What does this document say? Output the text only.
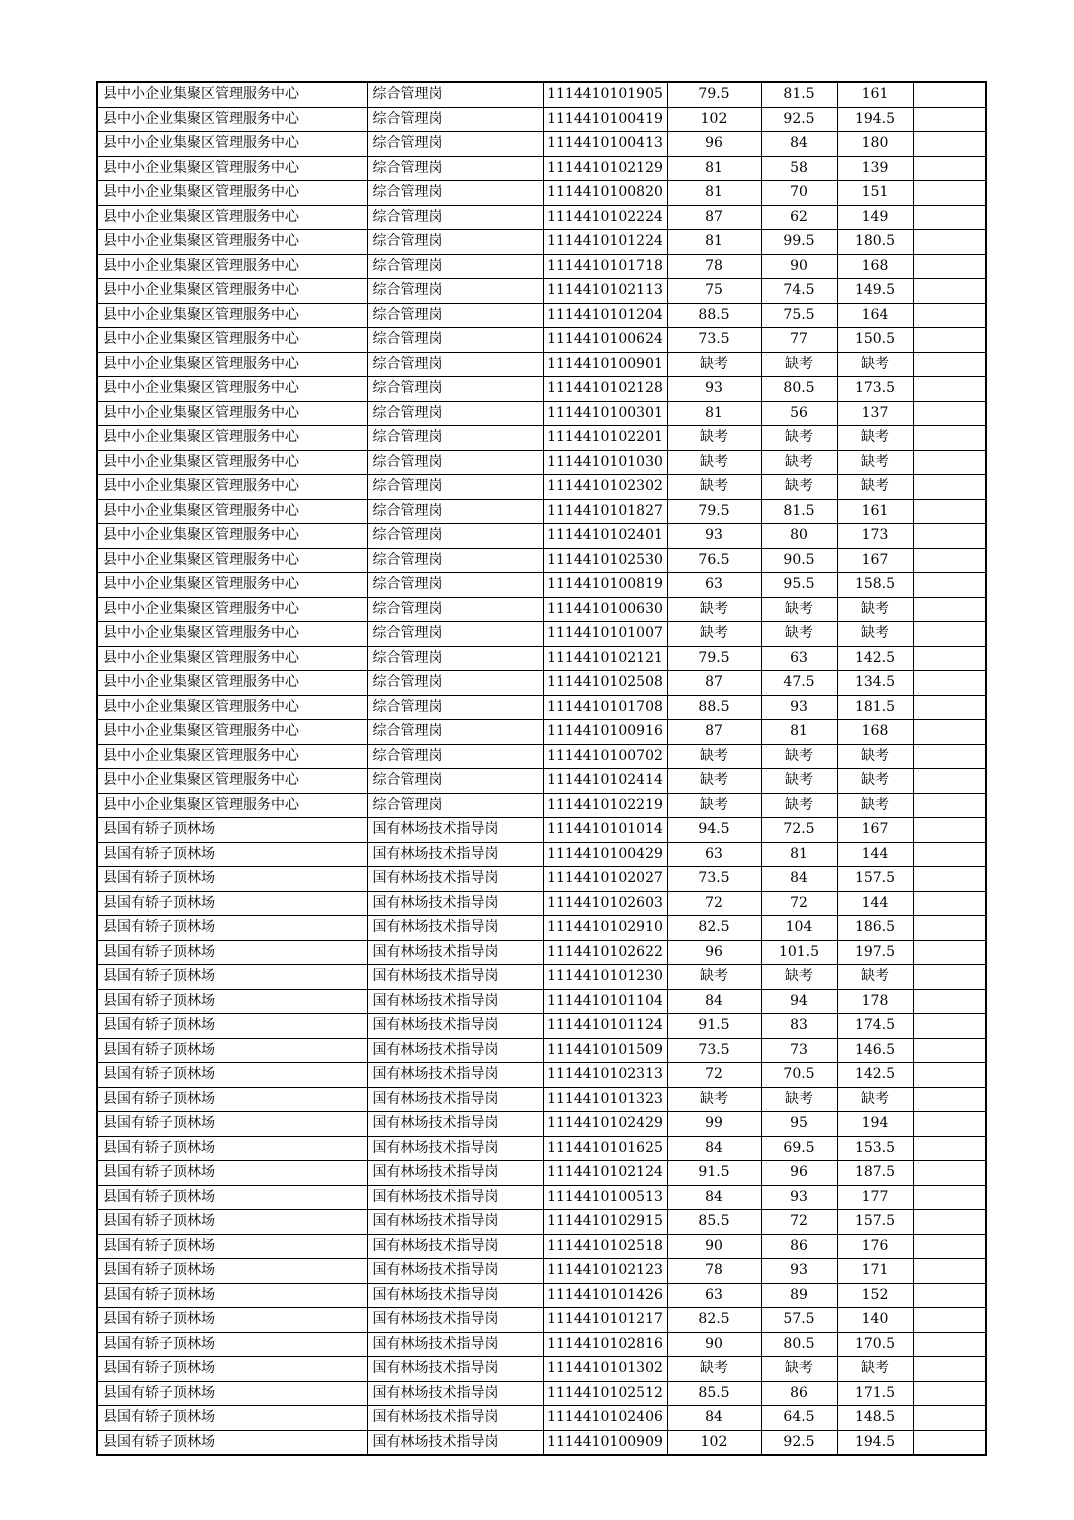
县中小企业集聚区管理服务中心	综合管理岗	1114410101905	79.5	81.5	161	
县中小企业集聚区管理服务中心	综合管理岗	1114410100419	102	92.5	194.5	
县中小企业集聚区管理服务中心	综合管理岗	1114410100413	96	84	180	
县中小企业集聚区管理服务中心	综合管理岗	1114410102129	81	58	139	
县中小企业集聚区管理服务中心	综合管理岗	1114410100820	81	70	151	
县中小企业集聚区管理服务中心	综合管理岗	1114410102224	87	62	149	
县中小企业集聚区管理服务中心	综合管理岗	1114410101224	81	99.5	180.5	
县中小企业集聚区管理服务中心	综合管理岗	1114410101718	78	90	168	
县中小企业集聚区管理服务中心	综合管理岗	1114410102113	75	74.5	149.5	
县中小企业集聚区管理服务中心	综合管理岗	1114410101204	88.5	75.5	164	
县中小企业集聚区管理服务中心	综合管理岗	1114410100624	73.5	77	150.5	
县中小企业集聚区管理服务中心	综合管理岗	1114410100901	缺考	缺考	缺考	
县中小企业集聚区管理服务中心	综合管理岗	1114410102128	93	80.5	173.5	
县中小企业集聚区管理服务中心	综合管理岗	1114410100301	81	56	137	
县中小企业集聚区管理服务中心	综合管理岗	1114410102201	缺考	缺考	缺考	
县中小企业集聚区管理服务中心	综合管理岗	1114410101030	缺考	缺考	缺考	
县中小企业集聚区管理服务中心	综合管理岗	1114410102302	缺考	缺考	缺考	
县中小企业集聚区管理服务中心	综合管理岗	1114410101827	79.5	81.5	161	
县中小企业集聚区管理服务中心	综合管理岗	1114410102401	93	80	173	
县中小企业集聚区管理服务中心	综合管理岗	1114410102530	76.5	90.5	167	
县中小企业集聚区管理服务中心	综合管理岗	1114410100819	63	95.5	158.5	
县中小企业集聚区管理服务中心	综合管理岗	1114410100630	缺考	缺考	缺考	
县中小企业集聚区管理服务中心	综合管理岗	1114410101007	缺考	缺考	缺考	
县中小企业集聚区管理服务中心	综合管理岗	1114410102121	79.5	63	142.5	
县中小企业集聚区管理服务中心	综合管理岗	1114410102508	87	47.5	134.5	
县中小企业集聚区管理服务中心	综合管理岗	1114410101708	88.5	93	181.5	
县中小企业集聚区管理服务中心	综合管理岗	1114410100916	87	81	168	
县中小企业集聚区管理服务中心	综合管理岗	1114410100702	缺考	缺考	缺考	
县中小企业集聚区管理服务中心	综合管理岗	1114410102414	缺考	缺考	缺考	
县中小企业集聚区管理服务中心	综合管理岗	1114410102219	缺考	缺考	缺考	
县国有轿子顶林场	国有林场技术指导岗	1114410101014	94.5	72.5	167	
县国有轿子顶林场	国有林场技术指导岗	1114410100429	63	81	144	
县国有轿子顶林场	国有林场技术指导岗	1114410102027	73.5	84	157.5	
县国有轿子顶林场	国有林场技术指导岗	1114410102603	72	72	144	
县国有轿子顶林场	国有林场技术指导岗	1114410102910	82.5	104	186.5	
县国有轿子顶林场	国有林场技术指导岗	1114410102622	96	101.5	197.5	
县国有轿子顶林场	国有林场技术指导岗	1114410101230	缺考	缺考	缺考	
县国有轿子顶林场	国有林场技术指导岗	1114410101104	84	94	178	
县国有轿子顶林场	国有林场技术指导岗	1114410101124	91.5	83	174.5	
县国有轿子顶林场	国有林场技术指导岗	1114410101509	73.5	73	146.5	
县国有轿子顶林场	国有林场技术指导岗	1114410102313	72	70.5	142.5	
县国有轿子顶林场	国有林场技术指导岗	1114410101323	缺考	缺考	缺考	
县国有轿子顶林场	国有林场技术指导岗	1114410102429	99	95	194	
县国有轿子顶林场	国有林场技术指导岗	1114410101625	84	69.5	153.5	
县国有轿子顶林场	国有林场技术指导岗	1114410102124	91.5	96	187.5	
县国有轿子顶林场	国有林场技术指导岗	1114410100513	84	93	177	
县国有轿子顶林场	国有林场技术指导岗	1114410102915	85.5	72	157.5	
县国有轿子顶林场	国有林场技术指导岗	1114410102518	90	86	176	
县国有轿子顶林场	国有林场技术指导岗	1114410102123	78	93	171	
县国有轿子顶林场	国有林场技术指导岗	1114410101426	63	89	152	
县国有轿子顶林场	国有林场技术指导岗	1114410101217	82.5	57.5	140	
县国有轿子顶林场	国有林场技术指导岗	1114410102816	90	80.5	170.5	
县国有轿子顶林场	国有林场技术指导岗	1114410101302	缺考	缺考	缺考	
县国有轿子顶林场	国有林场技术指导岗	1114410102512	85.5	86	171.5	
县国有轿子顶林场	国有林场技术指导岗	1114410102406	84	64.5	148.5	
县国有轿子顶林场	国有林场技术指导岗	1114410100909	102	92.5	194.5	
